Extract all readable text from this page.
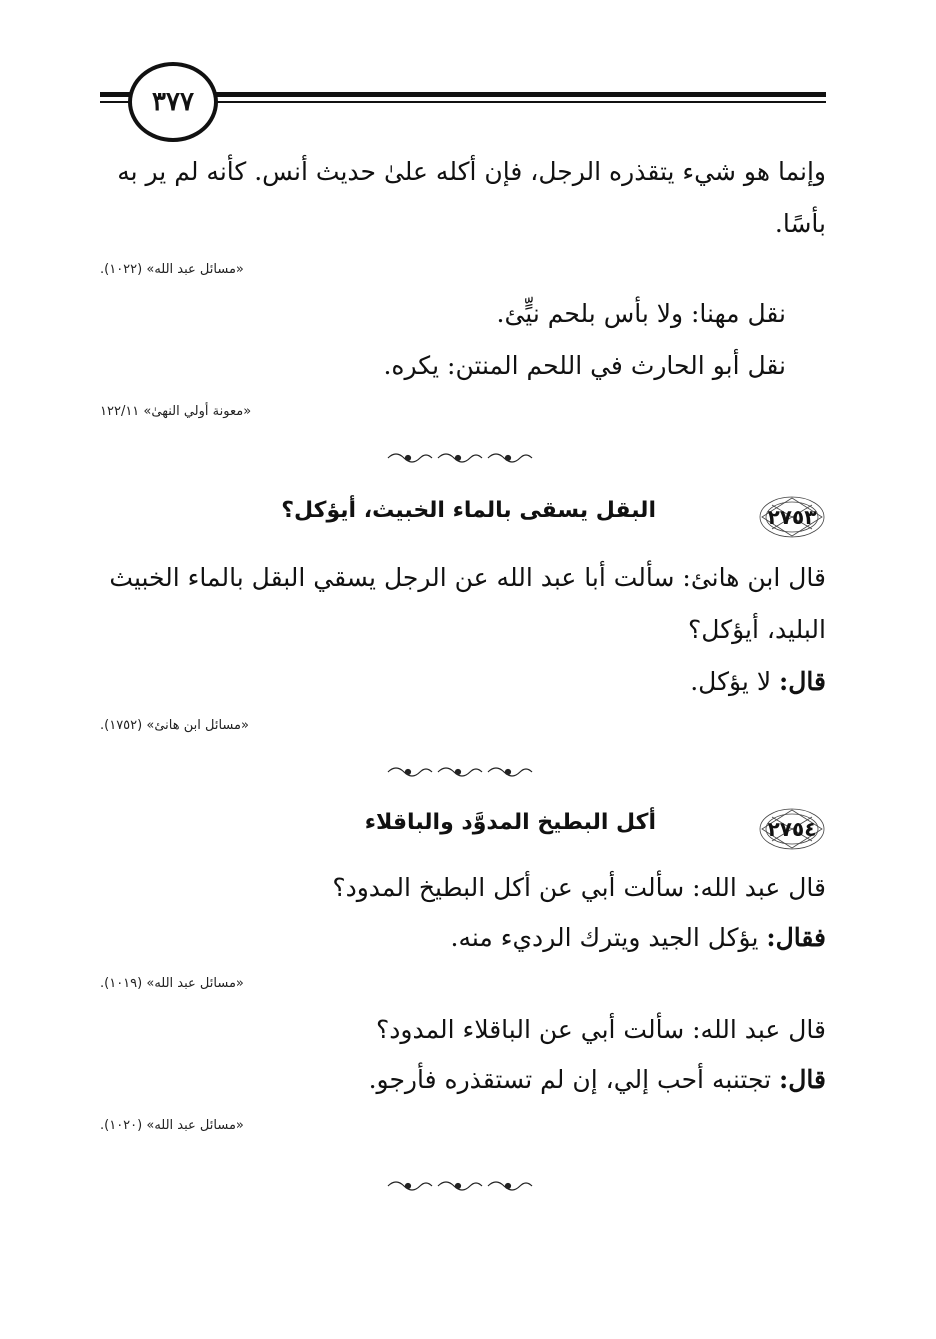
٣٧٧
وإنما هو شيء يتقذره الرجل، فإن أكله علىٰ حديث أنس. كأنه لم ير به
بأسًا.
«مسائل عبد الله» (١٠٢٢).
نقل مهنا: ولا بأس بلحم نيٍّئ.
نقل أبو الحارث في اللحم المنتن: يكره.
«معونة أولي النهىٰ» ١٢٢/١١
٢٧٥٣
البقل يسقى بالماء الخبيث، أيؤكل؟
قال ابن هانئ: سألت أبا عبد الله عن الرجل يسقي البقل بالماء الخبيث
البليد، أيؤكل؟
قال: لا يؤكل.
«مسائل ابن هانئ» (١٧٥٢).
٢٧٥٤
أكل البطيخ المدوَّد والباقلاء
قال عبد الله: سألت أبي عن أكل البطيخ المدود؟
فقال: يؤكل الجيد ويترك الرديء منه.
«مسائل عبد الله» (١٠١٩).
قال عبد الله: سألت أبي عن الباقلاء المدود؟
قال: تجتنبه أحب إلي، إن لم تستقذره فأرجو.
«مسائل عبد الله» (١٠٢٠).
